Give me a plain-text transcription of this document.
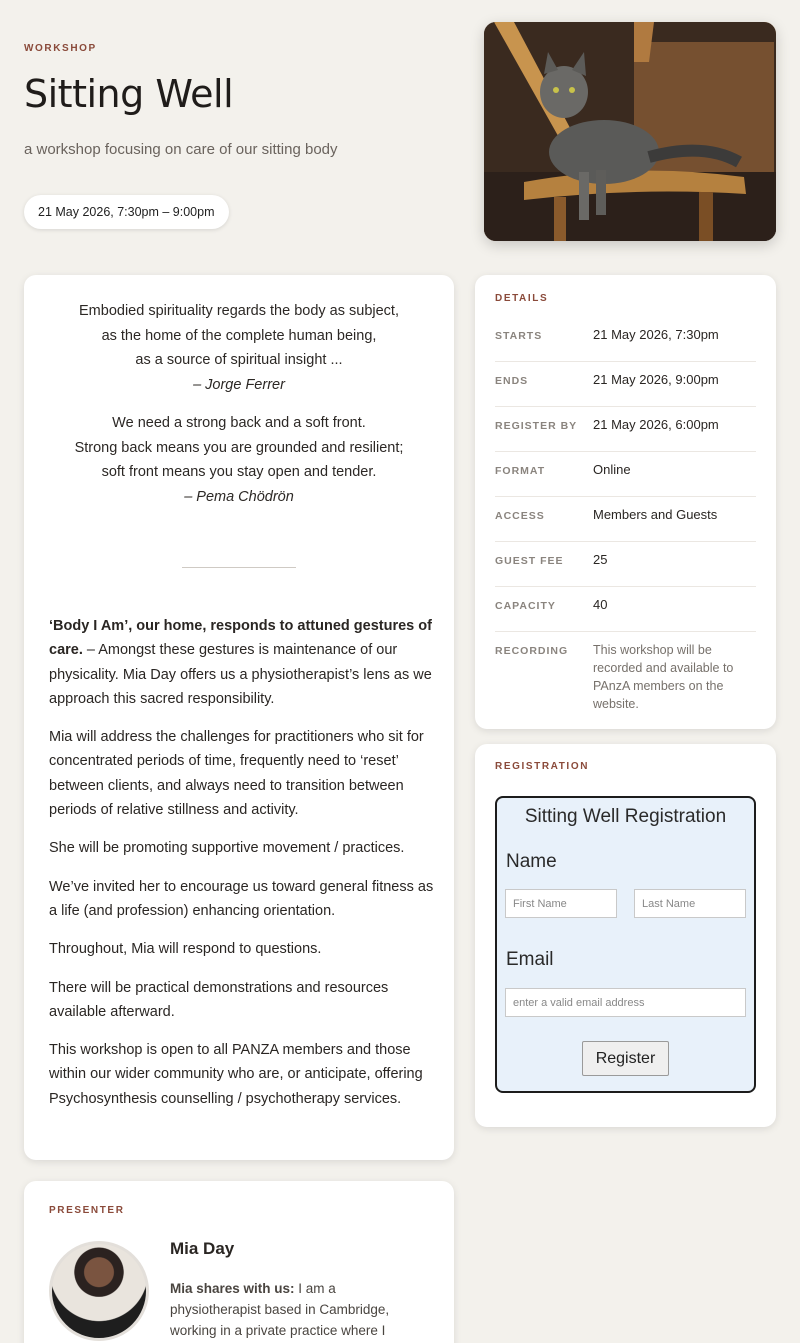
WORKSHOP
Sitting Well
a workshop focusing on care of our sitting body
21 May 2026, 7:30pm – 9:00pm
Embodied spirituality regards the body as subject,
as the home of the complete human being,
as a source of spiritual insight ...
– Jorge Ferrer
We need a strong back and a soft front.
Strong back means you are grounded and resilient;
soft front means you stay open and tender.
– Pema Chödrön

‘Body I Am’, our home, responds to attuned gestures of care. – Amongst these gestures is maintenance of our physicality. Mia Day offers us a physiotherapist’s lens as we approach this sacred responsibility.

Mia will address the challenges for practitioners who sit for concentrated periods of time, frequently need to ‘reset’ between clients, and always need to transition between periods of relative stillness and activity.

She will be promoting supportive movement / practices.

We’ve invited her to encourage us toward general fitness as a life (and profession) enhancing orientation.

Throughout, Mia will respond to questions.

There will be practical demonstrations and resources available afterward.

This workshop is open to all PANZA members and those within our wider community who are, or anticipate, offering Psychosynthesis counselling / psychotherapy services.

PRESENTER
Mia Day
Mia shares with us: I am a physiotherapist based in Cambridge, working in a private practice where I
DETAILS
STARTS	21 May 2026, 7:30pm
ENDS	21 May 2026, 9:00pm
REGISTER BY	21 May 2026, 6:00pm
FORMAT	Online
ACCESS	Members and Guests
GUEST FEE	25
CAPACITY	40
RECORDING	This workshop will be recorded and available to PAnzA members on the website.
REGISTRATION
Sitting Well Registration
Name
First Name
Last Name
Email
enter a valid email address
Register
